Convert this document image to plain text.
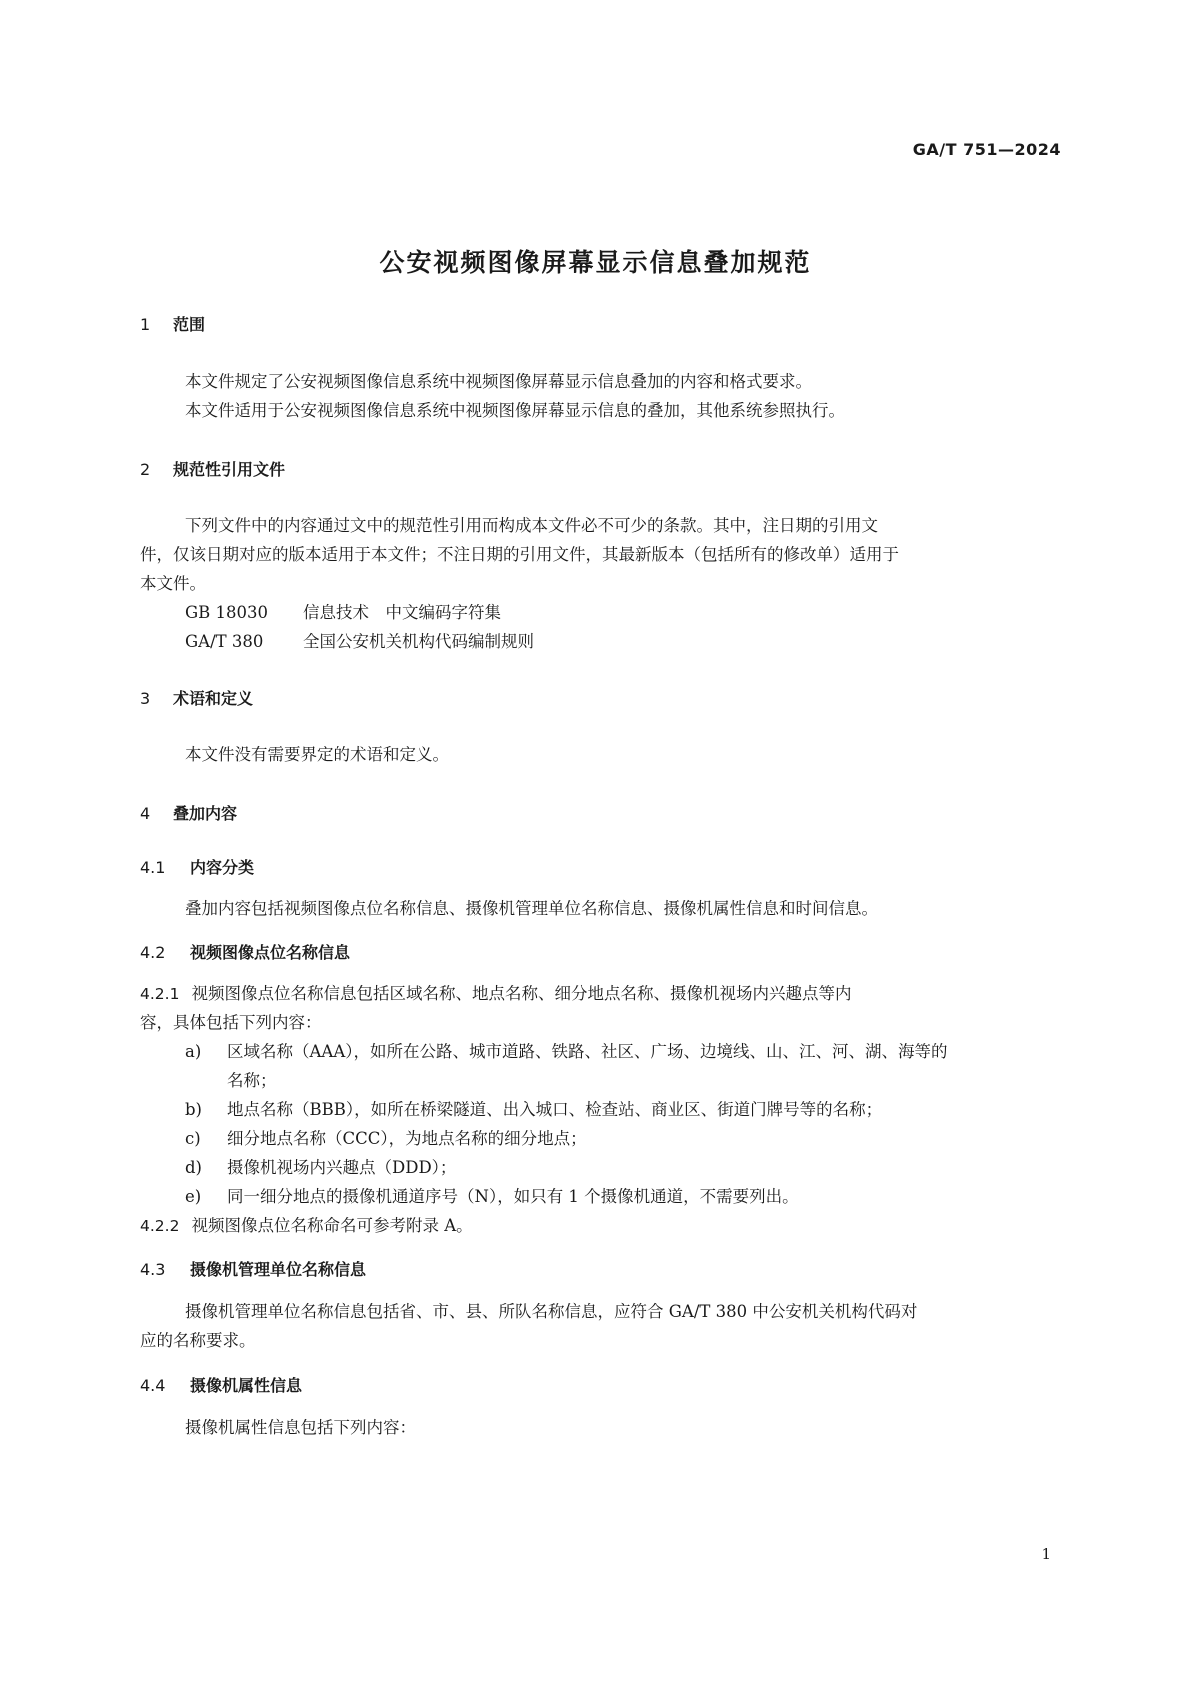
GA/T 751—2024
公安视频图像屏幕显示信息叠加规范
1 范围

本文件规定了公安视频图像信息系统中视频图像屏幕显示信息叠加的内容和格式要求。

本文件适用于公安视频图像信息系统中视频图像屏幕显示信息的叠加，其他系统参照执行。

2 规范性引用文件

下列文件中的内容通过文中的规范性引用而构成本文件必不可少的条款。其中，注日期的引用文

件，仅该日期对应的版本适用于本文件；不注日期的引用文件，其最新版本（包括所有的修改单）适用于

本文件。

GB 18030 信息技术　中文编码字符集

GA/T 380 全国公安机关机构代码编制规则

3 术语和定义

本文件没有需要界定的术语和定义。

4 叠加内容
4.1 内容分类

叠加内容包括视频图像点位名称信息、摄像机管理单位名称信息、摄像机属性信息和时间信息。

4.2 视频图像点位名称信息

4.2.1 视频图像点位名称信息包括区域名称、地点名称、细分地点名称、摄像机视场内兴趣点等内

容，具体包括下列内容：

a) 区域名称（AAA），如所在公路、城市道路、铁路、社区、广场、边境线、山、江、河、湖、海等的

名称；

b) 地点名称（BBB），如所在桥梁隧道、出入城口、检查站、商业区、街道门牌号等的名称；

c) 细分地点名称（CCC），为地点名称的细分地点；

d) 摄像机视场内兴趣点（DDD）；

e) 同一细分地点的摄像机通道序号（N），如只有 1 个摄像机通道，不需要列出。

4.2.2 视频图像点位名称命名可参考附录 A。

4.3 摄像机管理单位名称信息

摄像机管理单位名称信息包括省、市、县、所队名称信息，应符合 GA/T 380 中公安机关机构代码对

应的名称要求。

4.4 摄像机属性信息

摄像机属性信息包括下列内容：

1
